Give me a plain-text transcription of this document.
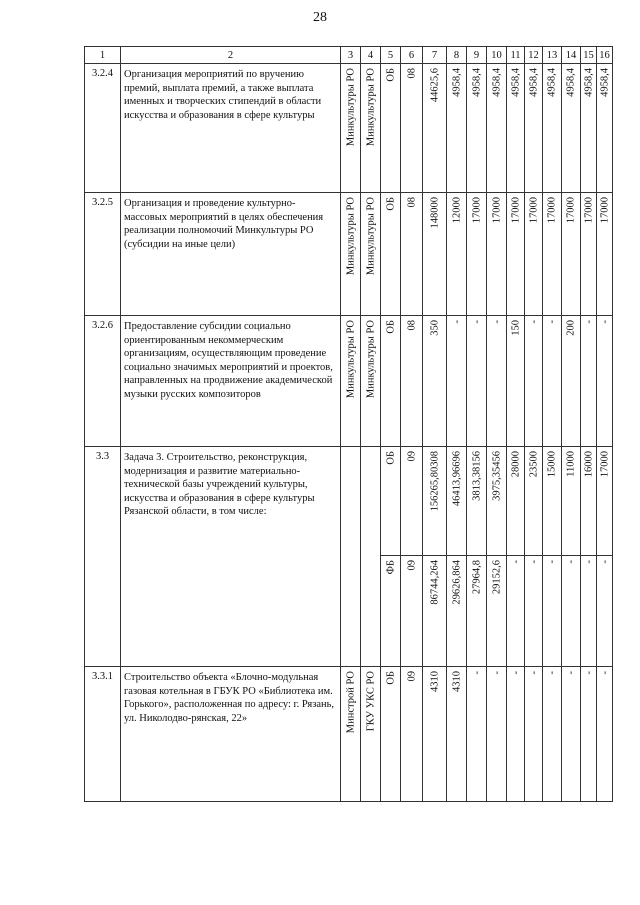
28
1	2	3	4	5	6	7	8	9	10	11	12	13	14	15	16
3.2.4	Организация мероприятий по вручению премий, выплата премий, а также выплата именных и творческих стипендий в области искусства и образования в сфере культуры	Минкультуры РО	Минкультуры РО	ОБ	08	44625,6	4958,4	4958,4	4958,4	4958,4	4958,4	4958,4	4958,4	4958,4	4958,4

3.2.5	Организация и проведение культурно-массовых мероприятий в целях обеспечения реализации полномочий Минкультуры РО (субсидии на иные цели)	Минкультуры РО	Минкультуры РО	ОБ	08	148000	12000	17000	17000	17000	17000	17000	17000	17000	17000

3.2.6	Предоставление субсидии социально ориентированным некоммерческим организациям, осуществляющим проведение социально значимых мероприятий и проектов, направленных на продвижение академической музыки русских композиторов	Минкультуры РО	Минкультуры РО	ОБ	08	350	-	-	-	150	-	-	200	-	-

3.3	Задача 3. Строительство, реконструкция, модернизация и развитие материально-технической базы учреждений культуры, искусства и образования в сфере культуры Рязанской области, в том числе:			ОБ	09	156265,80308	46413,96696	3813,38156	3975,35456	28000	23500	15000	11000	16000	17000

				ФБ	09	86744,264	29626,864	27964,8	29152,6	-	-	-	-	-	-

3.3.1	Строительство объекта «Блочно-модульная газовая котельная в ГБУК РО «Библиотека им. Горького», расположенная по адресу: г. Рязань, ул. Николодво-рянская, 22»	Минстрой РО	ГКУ УКС РО	ОБ	09	4310	4310	-	-	-	-	-	-	-	-
